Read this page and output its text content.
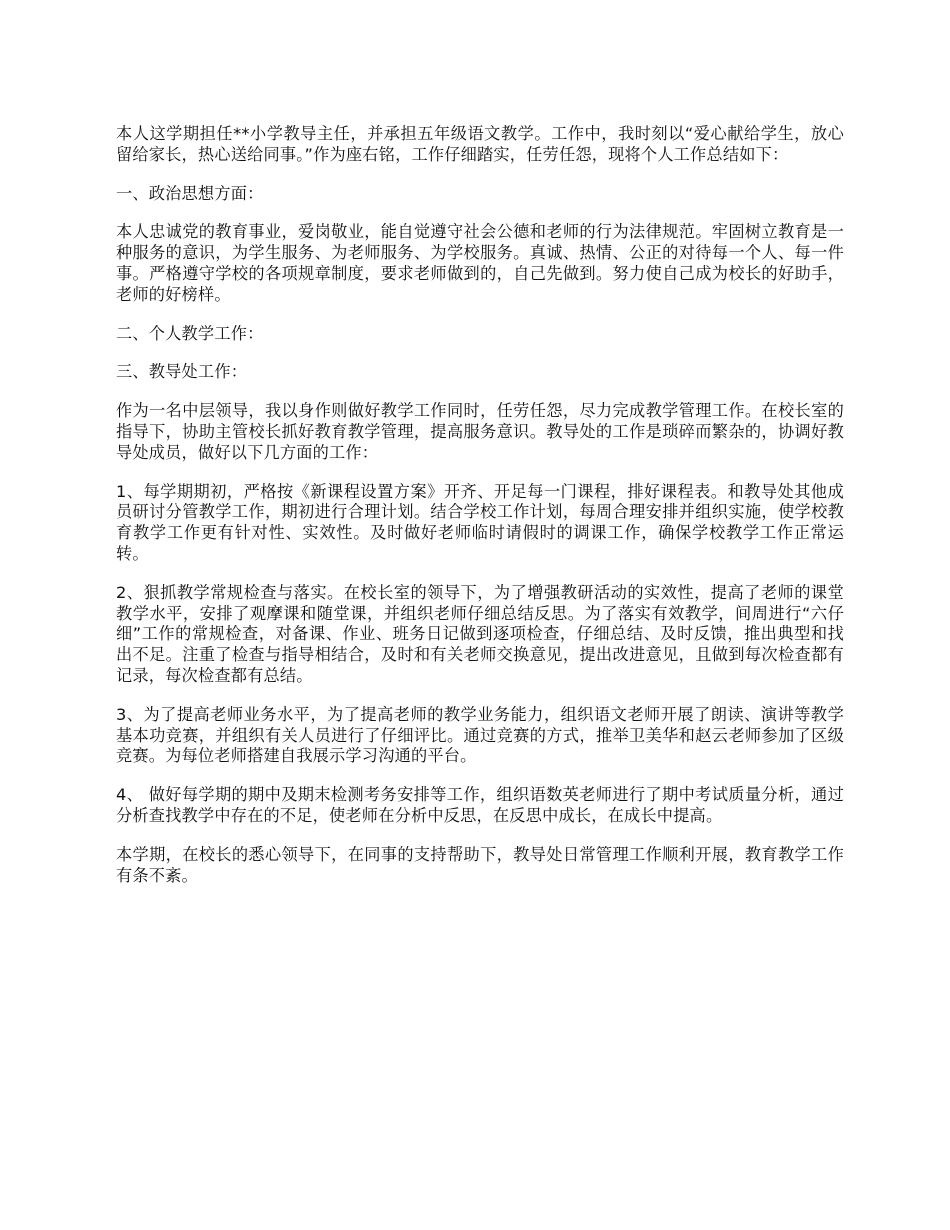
本人这学期担任**小学教导主任，并承担五年级语文教学。工作中，我时刻以“爱心献给学生，放心留给家长，热心送给同事。”作为座右铭，工作仔细踏实，任劳任怨，现将个人工作总结如下：

一、政治思想方面：

本人忠诚党的教育事业，爱岗敬业，能自觉遵守社会公德和老师的行为法律规范。牢固树立教育是一种服务的意识，为学生服务、为老师服务、为学校服务。真诚、热情、公正的对待每一个人、每一件事。严格遵守学校的各项规章制度，要求老师做到的，自己先做到。努力使自己成为校长的好助手，老师的好榜样。

二、个人教学工作：

三、教导处工作：

作为一名中层领导，我以身作则做好教学工作同时，任劳任怨，尽力完成教学管理工作。在校长室的指导下，协助主管校长抓好教育教学管理，提高服务意识。教导处的工作是琐碎而繁杂的，协调好教导处成员，做好以下几方面的工作：

1、每学期期初，严格按《新课程设置方案》开齐、开足每一门课程，排好课程表。和教导处其他成员研讨分管教学工作，期初进行合理计划。结合学校工作计划，每周合理安排并组织实施，使学校教育教学工作更有针对性、实效性。及时做好老师临时请假时的调课工作，确保学校教学工作正常运转。

2、狠抓教学常规检查与落实。在校长室的领导下，为了增强教研活动的实效性，提高了老师的课堂教学水平，安排了观摩课和随堂课，并组织老师仔细总结反思。为了落实有效教学，间周进行“六仔细”工作的常规检查，对备课、作业、班务日记做到逐项检查，仔细总结、及时反馈，推出典型和找出不足。注重了检查与指导相结合，及时和有关老师交换意见，提出改进意见，且做到每次检查都有记录，每次检查都有总结。

3、为了提高老师业务水平，为了提高老师的教学业务能力，组织语文老师开展了朗读、演讲等教学基本功竞赛，并组织有关人员进行了仔细评比。通过竞赛的方式，推举卫美华和赵云老师参加了区级竞赛。为每位老师搭建自我展示学习沟通的平台。

4、 做好每学期的期中及期末检测考务安排等工作，组织语数英老师进行了期中考试质量分析，通过分析查找教学中存在的不足，使老师在分析中反思，在反思中成长，在成长中提高。

本学期，在校长的悉心领导下，在同事的支持帮助下，教导处日常管理工作顺利开展，教育教学工作有条不紊。
